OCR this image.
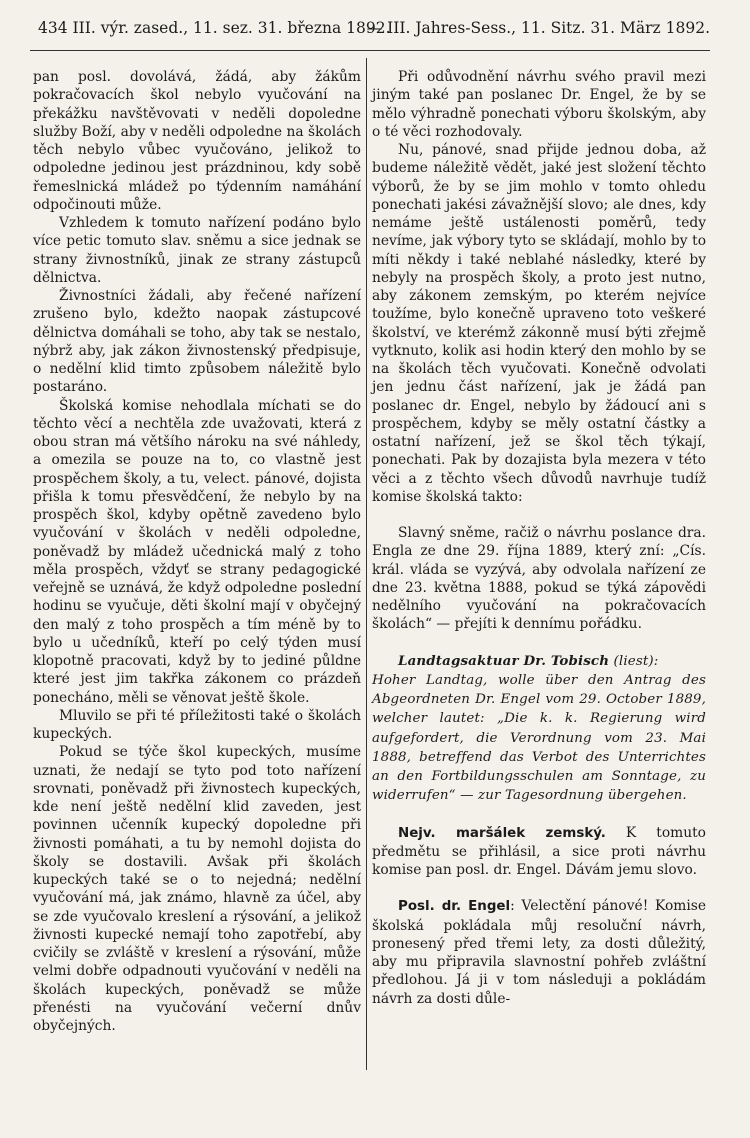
434 III. výr. zased., 11. sez. 31. března 1892.
— III. Jahres-Sess., 11. Sitz. 31. März 1892.

pan posl. dovolává, žádá, aby žákům pokračovacích škol nebylo vyučování na překážku navštěvovati v neděli dopoledne služby Boží, aby v neděli odpoledne na školách těch nebylo vůbec vyučováno, jelikož to odpoledne jedinou jest prázdninou, kdy sobě řemeslnická mládež po týdenním namáhání odpočinouti může.

Vzhledem k tomuto nařízení podáno bylo více petic tomuto slav. sněmu a sice jednak se strany živnostníků, jinak ze strany zástupců dělnictva.

Živnostníci žádali, aby řečené nařízení zrušeno bylo, kdežto naopak zástupcové dělnictva domáhali se toho, aby tak se nestalo, nýbrž aby, jak zákon živnostenský předpisuje, o nedělní klid timto způsobem náležitě bylo postaráno.

Školská komise nehodlala míchati se do těchto věcí a nechtěla zde uvažovati, která z obou stran má většího nároku na své náhledy, a omezila se pouze na to, co vlastně jest prospěchem školy, a tu, velect. pánové, dojista přišla k tomu přesvědčení, že nebylo by na prospěch škol, kdyby opětně zavedeno bylo vyučování v školách v neděli odpoledne, poněvadž by mládež učednická malý z toho měla prospěch, vždyť se strany pedagogické veřejně se uznává, že když odpoledne poslední hodinu se vyučuje, děti školní mají v obyčejný den malý z toho prospěch a tím méně by to bylo u učedníků, kteří po celý týden musí klopotně pracovati, když by to jediné půldne které jest jim takřka zákonem co prázdeň ponecháno, měli se věnovat ještě škole.

Mluvilo se při té příležitosti také o školách kupeckých.

Pokud se týče škol kupeckých, musíme uznati, že nedají se tyto pod toto nařízení srovnati, poněvadž při živnostech kupeckých, kde není ještě nedělní klid zaveden, jest povinnen učenník kupecký dopoledne při živnosti pomáhati, a tu by nemohl dojista do školy se dostavili. Avšak při školách kupeckých také se o to nejedná; nedělní vyučování má, jak známo, hlavně za účel, aby se zde vyučovalo kreslení a rýsování, a jelikož živnosti kupecké nemají toho zapotřebí, aby cvičily se zvláště v kreslení a rýsování, může velmi dobře odpadnouti vyučování v neděli na školách kupeckých, poněvadž se může přenésti na vyučování večerní dnův obyčejných.

Při odůvodnění návrhu svého pravil mezi jiným také pan poslanec Dr. Engel, že by se mělo výhradně ponechati výboru školským, aby o té věci rozhodovaly.

Nu, pánové, snad přijde jednou doba, až budeme náležitě vědět, jaké jest složení těchto výborů, že by se jim mohlo v tomto ohledu ponechati jakési závažnější slovo; ale dnes, kdy nemáme ještě ustálenosti poměrů, tedy nevíme, jak výbory tyto se skládají, mohlo by to míti někdy i také neblahé následky, které by nebyly na prospěch školy, a proto jest nutno, aby zákonem zemským, po kterém nejvíce toužíme, bylo konečně upraveno toto veškeré školství, ve kterémž zákonně musí býti zřejmě vytknuto, kolik asi hodin který den mohlo by se na školách těch vyučovati. Konečně odvolati jen jednu část nařízení, jak je žádá pan poslanec dr. Engel, nebylo by žádoucí ani s prospěchem, kdyby se měly ostatní částky a ostatní nařízení, jež se škol těch týkají, ponechati. Pak by dozajista byla mezera v této věci a z těchto všech důvodů navrhuje tudíž komise školská takto:

Slavný sněme, račiž o návrhu poslance dra. Engla ze dne 29. října 1889, který zní: „Cís. král. vláda se vyzývá, aby odvolala nařízení ze dne 23. května 1888, pokud se týká zápovědi nedělního vyučování na pokračovacích školách“ — přejíti k dennímu pořádku.

Landtagsaktuar Dr. Tobisch (liest):
Hoher Landtag, wolle über den Antrag des Abgeordneten Dr. Engel vom 29. October 1889, welcher lautet: „Die k. k. Regierung wird aufgefordert, die Verordnung vom 23. Mai 1888, betreffend das Verbot des Unterrichtes an den Fortbildungsschulen am Sonntage, zu widerrufen“ — zur Tagesordnung übergehen.

Nejv. maršálek zemský. K tomuto předmětu se přihlásil, a sice proti návrhu komise pan posl. dr. Engel. Dávám jemu slovo.

Posl. dr. Engel: Velectění pánové! Komise školská pokládala můj resoluční návrh, pronesený před třemi lety, za dosti důležitý, aby mu připravila slavnostní pohřeb zvláštní předlohou. Já ji v tom následuji a pokládám návrh za dosti důle-
